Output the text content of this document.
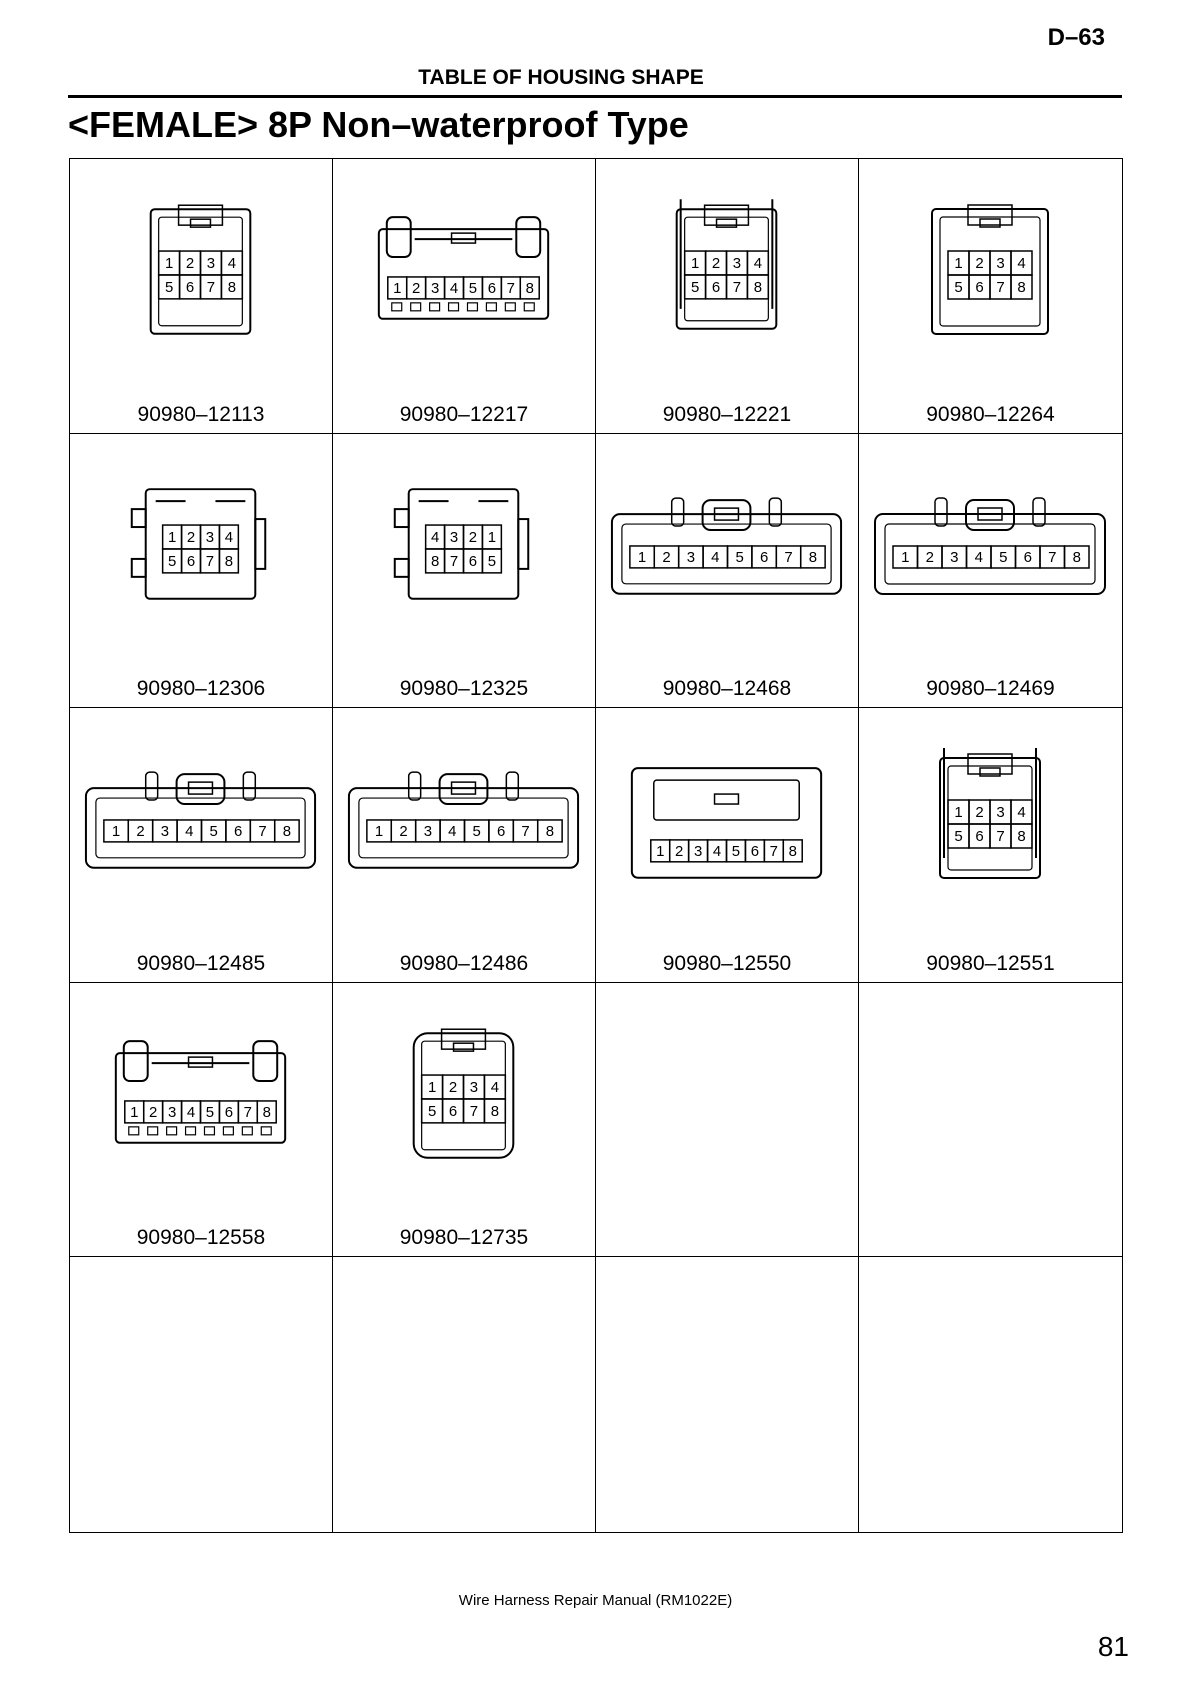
D–63
TABLE OF HOUSING SHAPE
<FEMALE> 8P Non–waterproof Type
1 2 3 4
5 6 7 8
90980–12113
1 2 3 4 5 6 7 8
90980–12217
1 2 3 4
5 6 7 8
90980–12221
1 2 3 4
5 6 7 8
90980–12264
1 2 3 4
5 6 7 8
90980–12306
4 3 2 1
8 7 6 5
90980–12325
1 2 3 4 5 6 7 8
90980–12468
1 2 3 4 5 6 7 8
90980–12469
1 2 3 4 5 6 7 8
90980–12485
1 2 3 4 5 6 7 8
90980–12486
1 2 3 4 5 6 7 8
90980–12550
1 2 3 4
5 6 7 8
90980–12551
1 2 3 4 5 6 7 8
90980–12558
1 2 3 4
5 6 7 8
90980–12735
Wire Harness Repair Manual (RM1022E)
81
